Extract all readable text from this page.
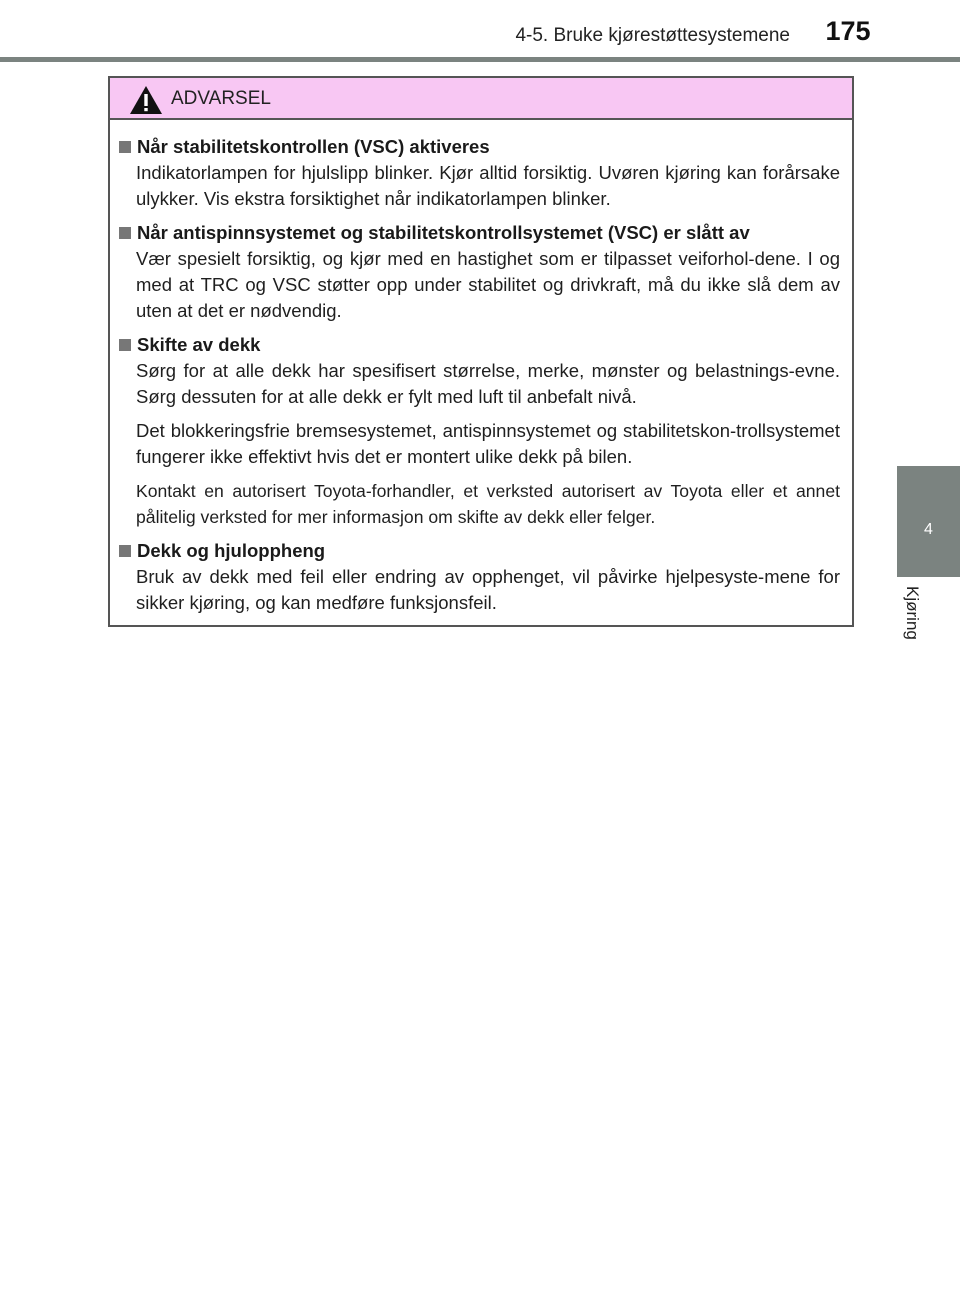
4-5. Bruke kjørestøttesystemene	175
4
Kjøring
ADVARSEL
Når stabilitetskontrollen (VSC) aktiveres

Indikatorlampen for hjulslipp blinker. Kjør alltid forsiktig. Uvøren kjøring kan forårsake ulykker. Vis ekstra forsiktighet når indikatorlampen blinker.

Når antispinnsystemet og stabilitetskontrollsystemet (VSC) er slått av

Vær spesielt forsiktig, og kjør med en hastighet som er tilpasset veiforhol-dene. I og med at TRC og VSC støtter opp under stabilitet og drivkraft, må du ikke slå dem av uten at det er nødvendig.

Skifte av dekk

Sørg for at alle dekk har spesifisert størrelse, merke, mønster og belastnings-evne. Sørg dessuten for at alle dekk er fylt med luft til anbefalt nivå.

Det blokkeringsfrie bremsesystemet, antispinnsystemet og stabilitetskon-trollsystemet fungerer ikke effektivt hvis det er montert ulike dekk på bilen.

Kontakt en autorisert Toyota-forhandler, et verksted autorisert av Toyota eller et annet pålitelig verksted for mer informasjon om skifte av dekk eller felger.

Dekk og hjuloppheng

Bruk av dekk med feil eller endring av opphenget, vil påvirke hjelpesyste-mene for sikker kjøring, og kan medføre funksjonsfeil.
